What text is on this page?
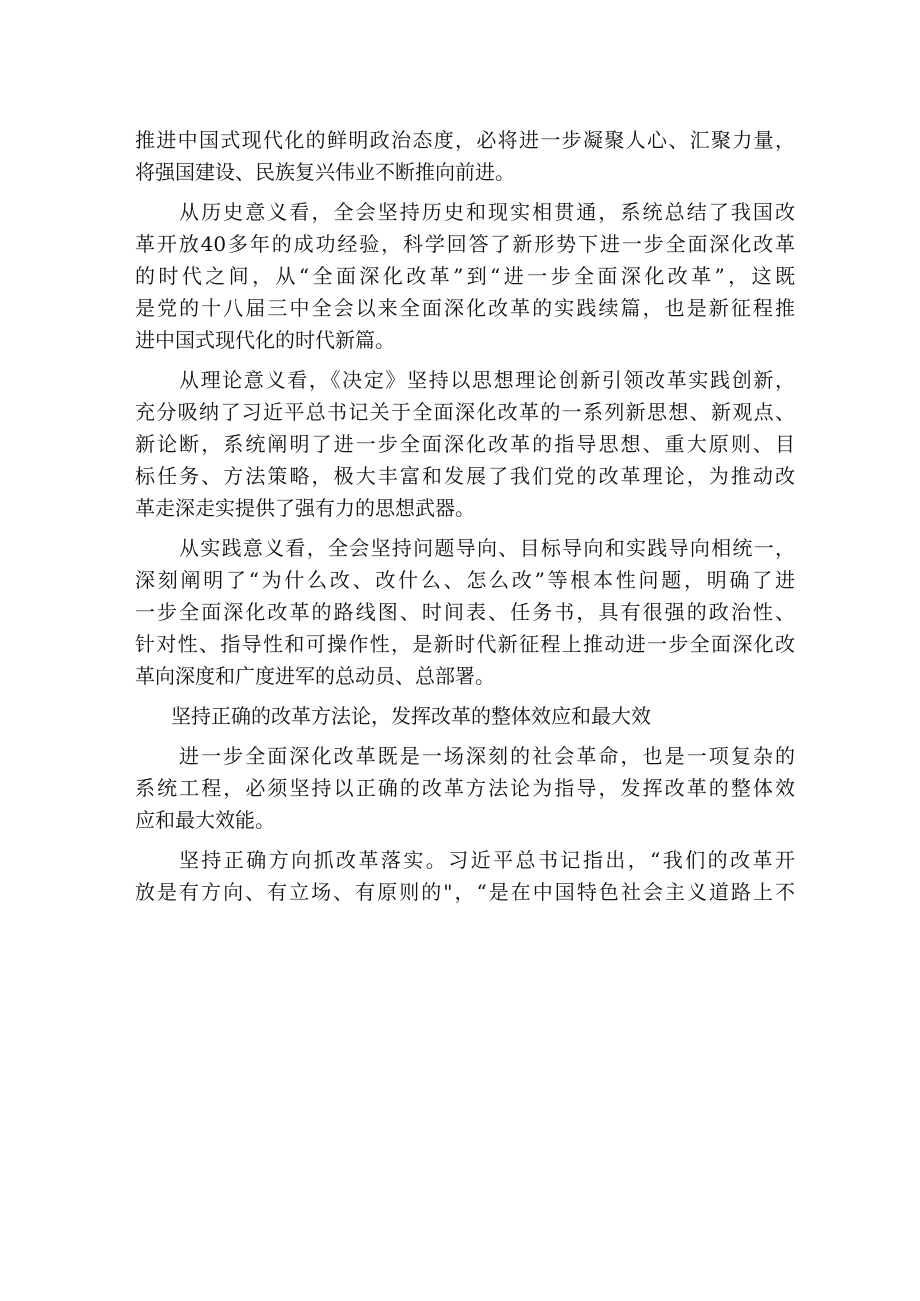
推进中国式现代化的鲜明政治态度，必将进一步凝聚人心、汇聚力量，
将强国建设、民族复兴伟业不断推向前进。
从历史意义看，全会坚持历史和现实相贯通，系统总结了我国改
革开放40多年的成功经验，科学回答了新形势下进一步全面深化改革
的时代之间，从“全面深化改革”到“进一步全面深化改革”，这既
是党的十八届三中全会以来全面深化改革的实践续篇，也是新征程推
进中国式现代化的时代新篇。
从理论意义看，《决定》坚持以思想理论创新引领改革实践创新，
充分吸纳了习近平总书记关于全面深化改革的一系列新思想、新观点、
新论断，系统阐明了进一步全面深化改革的指导思想、重大原则、目
标任务、方法策略，极大丰富和发展了我们党的改革理论，为推动改
革走深走实提供了强有力的思想武器。
从实践意义看，全会坚持问题导向、目标导向和实践导向相统一，
深刻阐明了“为什么改、改什么、怎么改”等根本性问题，明确了进
一步全面深化改革的路线图、时间表、任务书，具有很强的政治性、
针对性、指导性和可操作性，是新时代新征程上推动进一步全面深化改
革向深度和广度进军的总动员、总部署。
坚持正确的改革方法论，发挥改革的整体效应和最大效
进一步全面深化改革既是一场深刻的社会革命，也是一项复杂的
系统工程，必须坚持以正确的改革方法论为指导，发挥改革的整体效
应和最大效能。
坚持正确方向抓改革落实。习近平总书记指出，“我们的改革开
放是有方向、有立场、有原则的"，“是在中国特色社会主义道路上不
